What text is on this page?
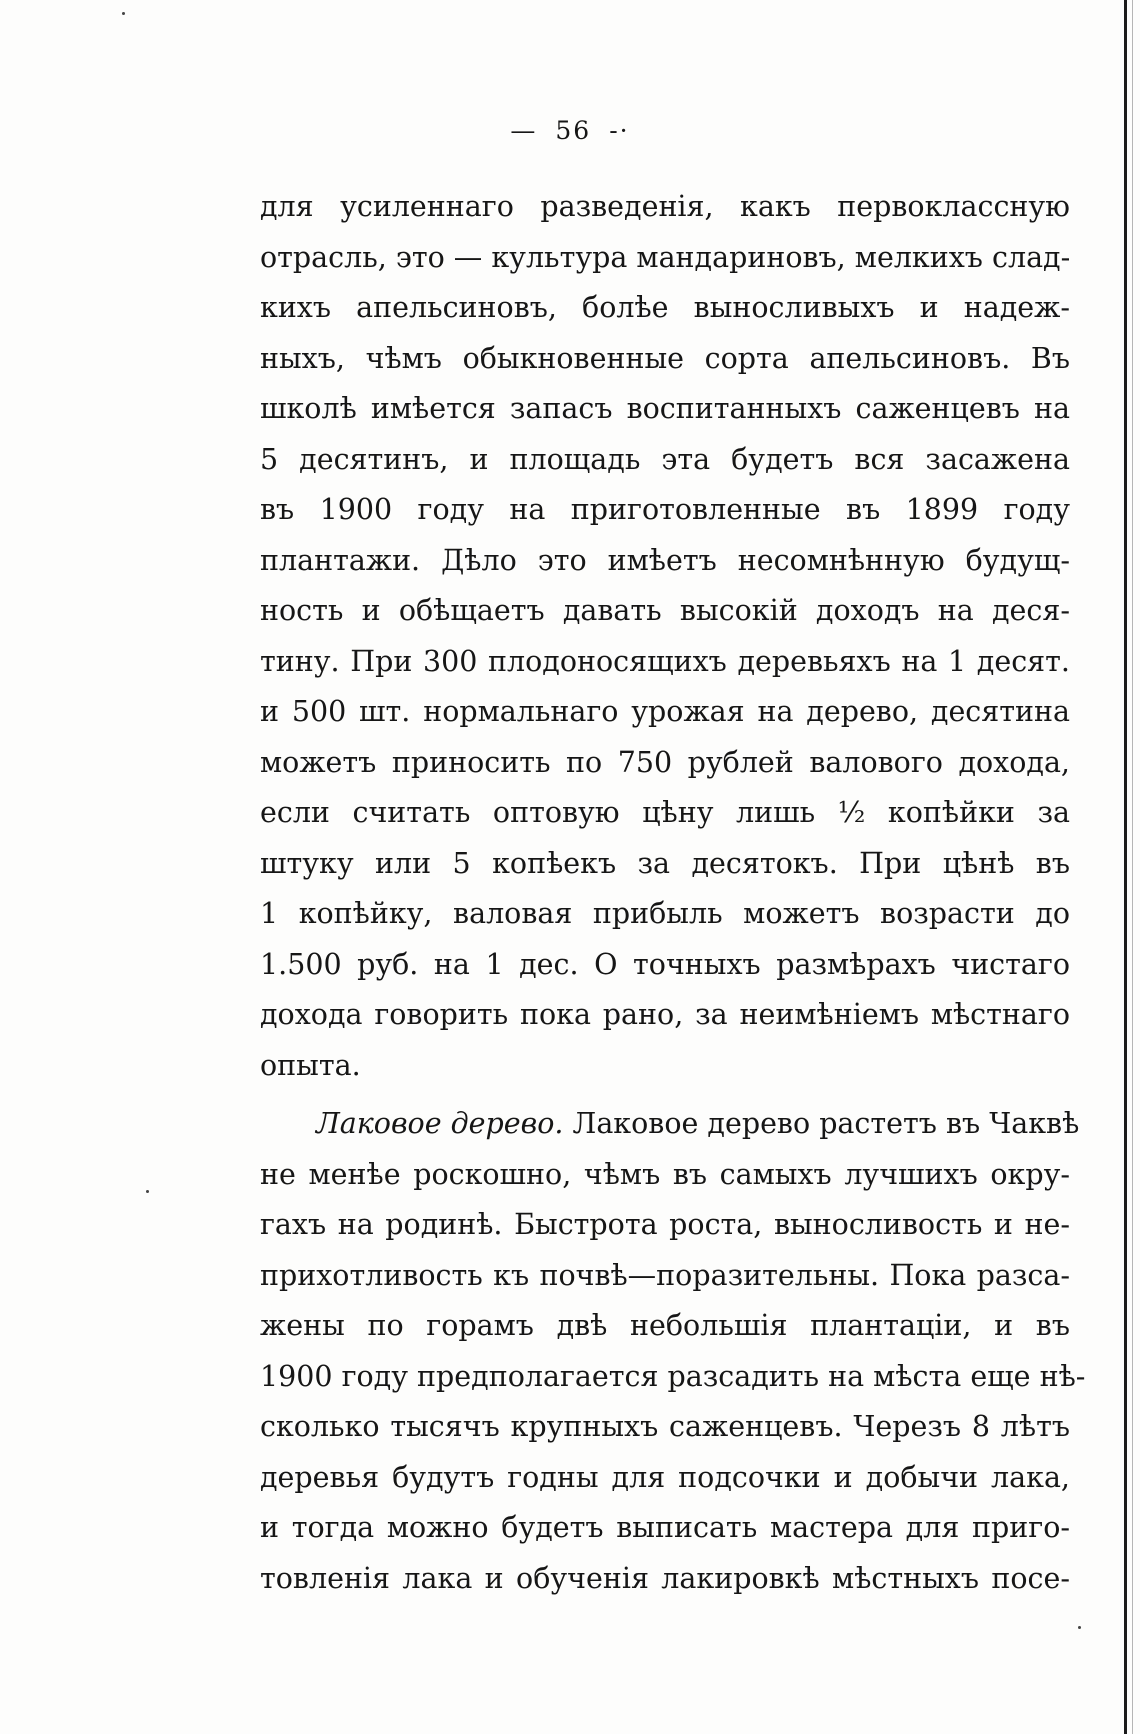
— 56 -·
для усиленнаго разведенія, какъ первоклассную
отрасль, это — культура мандариновъ, мелкихъ слад-
кихъ апельсиновъ, болѣе выносливыхъ и надеж-
ныхъ, чѣмъ обыкновенные сорта апельсиновъ. Въ
школѣ имѣется запасъ воспитанныхъ саженцевъ на
5 десятинъ, и площадь эта будетъ вся засажена
въ 1900 году на приготовленные въ 1899 году
плантажи. Дѣло это имѣетъ несомнѣнную будущ-
ность и обѣщаетъ давать высокій доходъ на деся-
тину. При 300 плодоносящихъ деревьяхъ на 1 десят.
и 500 шт. нормальнаго урожая на дерево, десятина
можетъ приносить по 750 рублей валового дохода,
если считать оптовую цѣну лишь ½ копѣйки за
штуку или 5 копѣекъ за десятокъ. При цѣнѣ въ
1 копѣйку, валовая прибыль можетъ возрасти до
1.500 руб. на 1 дес. О точныхъ размѣрахъ чистаго
дохода говорить пока рано, за неимѣніемъ мѣстнаго
опыта.
Лаковое дерево. Лаковое дерево растетъ въ Чаквѣ
не менѣе роскошно, чѣмъ въ самыхъ лучшихъ окру-
гахъ на родинѣ. Быстрота роста, выносливость и не-
прихотливость къ почвѣ—поразительны. Пока разса-
жены по горамъ двѣ небольшія плантаціи, и въ
1900 году предполагается разсадить на мѣста еще нѣ-
сколько тысячъ крупныхъ саженцевъ. Черезъ 8 лѣтъ
деревья будутъ годны для подсочки и добычи лака,
и тогда можно будетъ выписать мастера для приго-
товленія лака и обученія лакировкѣ мѣстныхъ посе-
